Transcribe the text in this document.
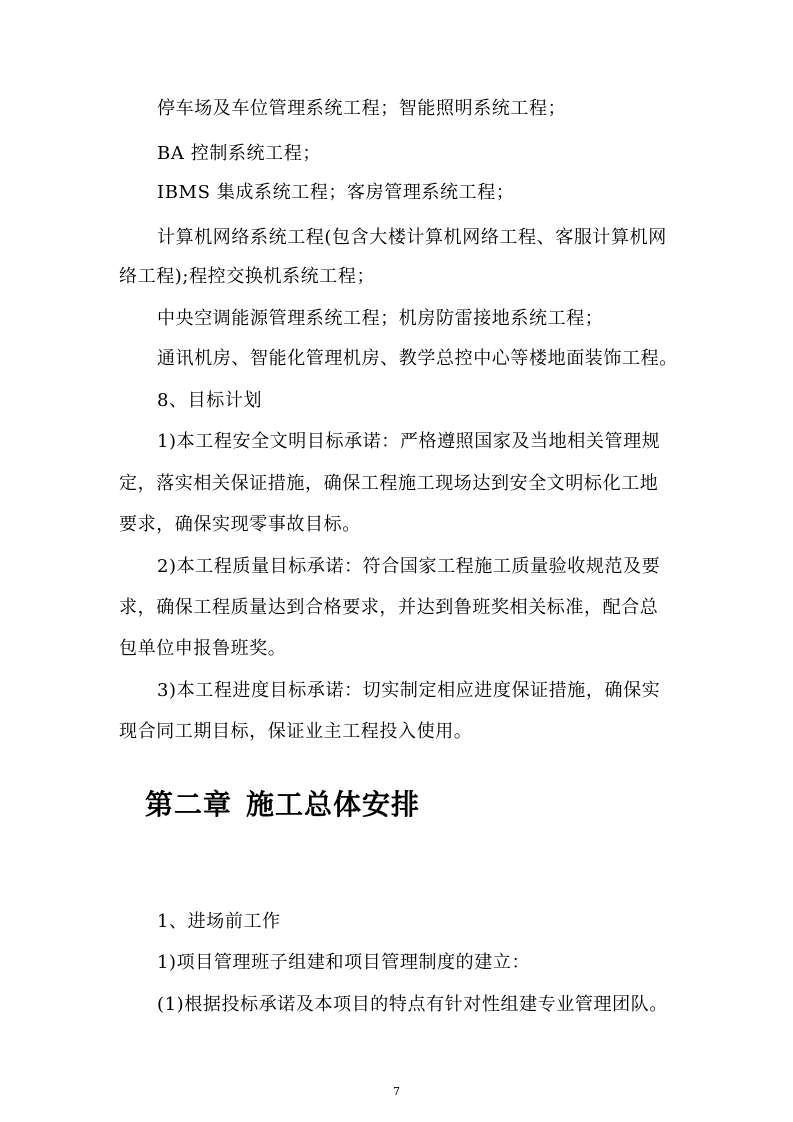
停车场及车位管理系统工程；智能照明系统工程；
BA 控制系统工程；
IBMS 集成系统工程；客房管理系统工程；
计算机网络系统工程(包含大楼计算机网络工程、客服计算机网
络工程);程控交换机系统工程；
中央空调能源管理系统工程；机房防雷接地系统工程；
通讯机房、智能化管理机房、教学总控中心等楼地面装饰工程。
8、目标计划
1)本工程安全文明目标承诺：严格遵照国家及当地相关管理规
定，落实相关保证措施，确保工程施工现场达到安全文明标化工地
要求，确保实现零事故目标。
2)本工程质量目标承诺：符合国家工程施工质量验收规范及要
求，确保工程质量达到合格要求，并达到鲁班奖相关标准，配合总
包单位申报鲁班奖。
3)本工程进度目标承诺：切实制定相应进度保证措施，确保实
现合同工期目标，保证业主工程投入使用。
第二章 施工总体安排
1、进场前工作
1)项目管理班子组建和项目管理制度的建立：
(1)根据投标承诺及本项目的特点有针对性组建专业管理团队。
7
